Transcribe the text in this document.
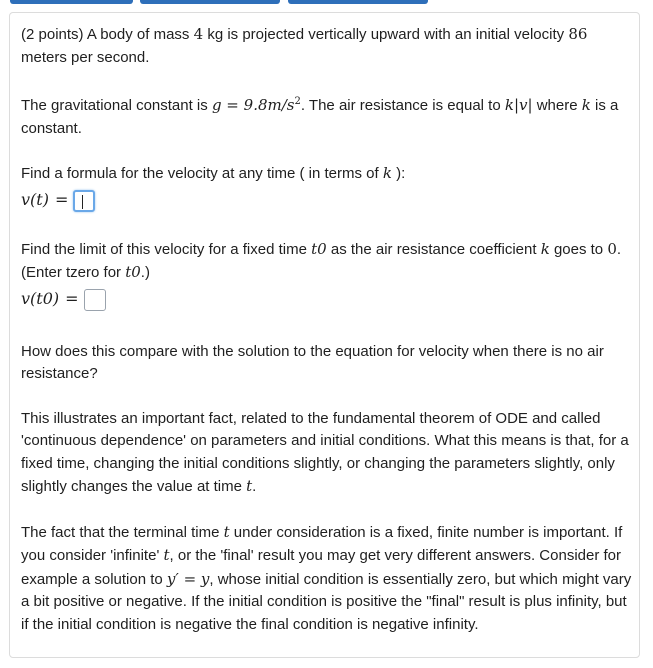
(2 points) A body of mass 4 kg is projected vertically upward with an initial velocity 86 meters per second.

The gravitational constant is $g = 9.8m/s^2$. The air resistance is equal to k|v| where k is a constant.

Find a formula for the velocity at any time ( in terms of k ):

v(t) =

Find the limit of this velocity for a fixed time t0 as the air resistance coefficient k goes to 0. (Enter tzero for t0.)

v(t0) =

How does this compare with the solution to the equation for velocity when there is no air resistance?

This illustrates an important fact, related to the fundamental theorem of ODE and called 'continuous dependence' on parameters and initial conditions. What this means is that, for a fixed time, changing the initial conditions slightly, or changing the parameters slightly, only slightly changes the value at time t.

The fact that the terminal time t under consideration is a fixed, finite number is important. If you consider 'infinite' t, or the 'final' result you may get very different answers. Consider for example a solution to y′ = y, whose initial condition is essentially zero, but which might vary a bit positive or negative. If the initial condition is positive the "final" result is plus infinity, but if the initial condition is negative the final condition is negative infinity.
